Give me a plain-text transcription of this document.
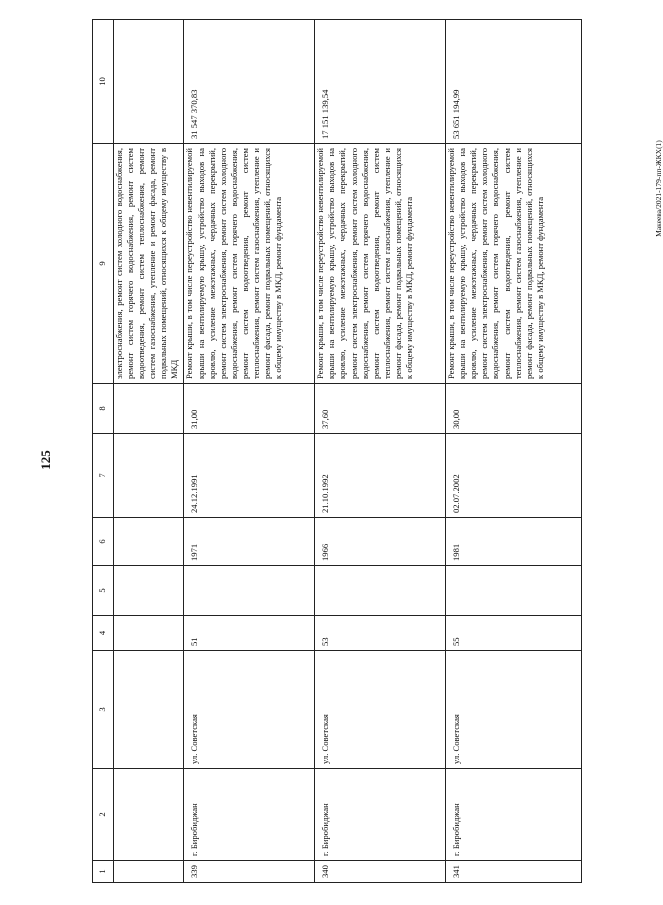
125
Макеева/2021-179-пп-ЖКХ(1)
1	2	3	4	5	6	7	8	9	10
								электроснабжения, ремонт систем холодного водоснабжения, ремонт систем горячего водоснабжения, ремонт систем водоотведения, ремонт систем теплоснабжения, ремонт систем газоснабжения, утепление и ремонт фасада, ремонт подвальных помещений, относящихся к общему имуществу в МКД	
339	г. Биробиджан	ул. Советская	51		1971	24.12.1991	31,00	Ремонт крыши, в том числе переустройство невентилируемой крыши на вентилируемую крышу, устройство выходов на кровлю, усиление межэтажных, чердачных перекрытий, ремонт систем электроснабжения, ремонт систем холодного водоснабжения, ремонт систем горячего водоснабжения, ремонт систем водоотведения, ремонт систем теплоснабжения, ремонт систем газоснабжения, утепление и ремонт фасада, ремонт подвальных помещений, относящихся к общему имуществу в МКД, ремонт фундамента	31 547 370,83
340	г. Биробиджан	ул. Советская	53		1966	21.10.1992	37,60	Ремонт крыши, в том числе переустройство невентилируемой крыши на вентилируемую крышу, устройство выходов на кровлю, усиление межэтажных, чердачных перекрытий, ремонт систем электроснабжения, ремонт систем холодного водоснабжения, ремонт систем горячего водоснабжения, ремонт систем водоотведения, ремонт систем теплоснабжения, ремонт систем газоснабжения, утепление и ремонт фасада, ремонт подвальных помещений, относящихся к общему имуществу в МКД, ремонт фундамента	17 151 139,54
341	г. Биробиджан	ул. Советская	55		1981	02.07.2002	30,00	Ремонт крыши, в том числе переустройство невентилируемой крыши на вентилируемую крышу, устройство выходов на кровлю, усиление межэтажных, чердачных перекрытий, ремонт систем электроснабжения, ремонт систем холодного водоснабжения, ремонт систем горячего водоснабжения, ремонт систем водоотведения, ремонт систем теплоснабжения, ремонт систем газоснабжения, утепление и ремонт фасада, ремонт подвальных помещений, относящихся к общему имуществу в МКД, ремонт фундамента	53 651 194,99
